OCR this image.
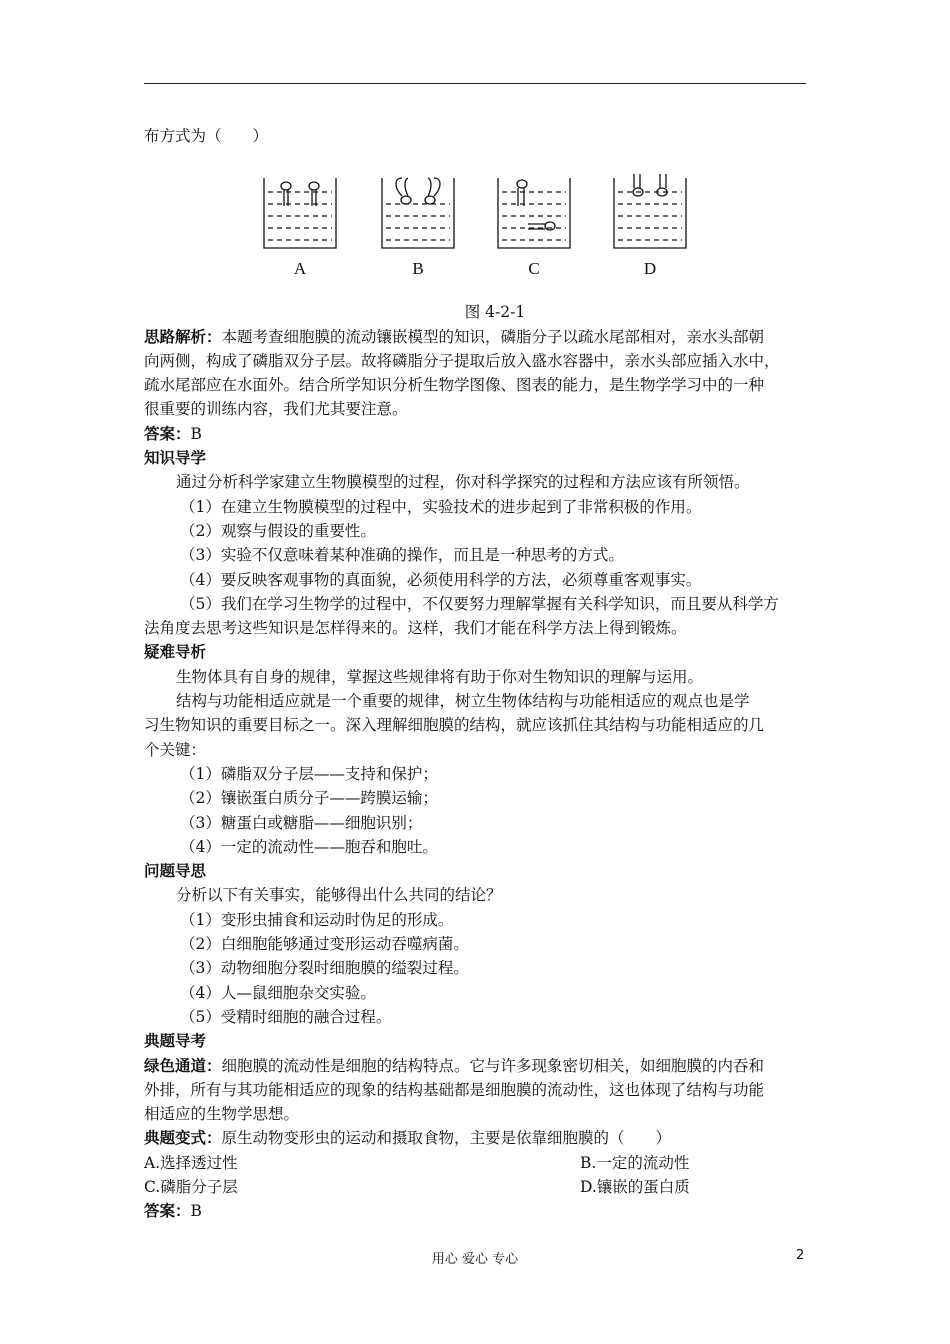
布方式为（　　）
A	B	C	D
图 4-2-1
思路解析：本题考查细胞膜的流动镶嵌模型的知识，磷脂分子以疏水尾部相对，亲水头部朝
向两侧，构成了磷脂双分子层。故将磷脂分子提取后放入盛水容器中，亲水头部应插入水中，
疏水尾部应在水面外。结合所学知识分析生物学图像、图表的能力，是生物学学习中的一种
很重要的训练内容，我们尤其要注意。
答案：B
知识导学
通过分析科学家建立生物膜模型的过程，你对科学探究的过程和方法应该有所领悟。
（1）在建立生物膜模型的过程中，实验技术的进步起到了非常积极的作用。
（2）观察与假设的重要性。
（3）实验不仅意味着某种准确的操作，而且是一种思考的方式。
（4）要反映客观事物的真面貌，必须使用科学的方法，必须尊重客观事实。
（5）我们在学习生物学的过程中，不仅要努力理解掌握有关科学知识，而且要从科学方
法角度去思考这些知识是怎样得来的。这样，我们才能在科学方法上得到锻炼。
疑难导析
生物体具有自身的规律，掌握这些规律将有助于你对生物知识的理解与运用。
结构与功能相适应就是一个重要的规律，树立生物体结构与功能相适应的观点也是学
习生物知识的重要目标之一。深入理解细胞膜的结构，就应该抓住其结构与功能相适应的几
个关键：
（1）磷脂双分子层——支持和保护；
（2）镶嵌蛋白质分子——跨膜运输；
（3）糖蛋白或糖脂——细胞识别；
（4）一定的流动性——胞吞和胞吐。
问题导思
分析以下有关事实，能够得出什么共同的结论？
（1）变形虫捕食和运动时伪足的形成。
（2）白细胞能够通过变形运动吞噬病菌。
（3）动物细胞分裂时细胞膜的缢裂过程。
（4）人—鼠细胞杂交实验。
（5）受精时细胞的融合过程。
典题导考
绿色通道：细胞膜的流动性是细胞的结构特点。它与许多现象密切相关，如细胞膜的内吞和
外排，所有与其功能相适应的现象的结构基础都是细胞膜的流动性，这也体现了结构与功能
相适应的生物学思想。
典题变式：原生动物变形虫的运动和摄取食物，主要是依靠细胞膜的（　　）
A.选择透过性	B.一定的流动性
C.磷脂分子层	D.镶嵌的蛋白质
答案：B
用心 爱心 专心	2
